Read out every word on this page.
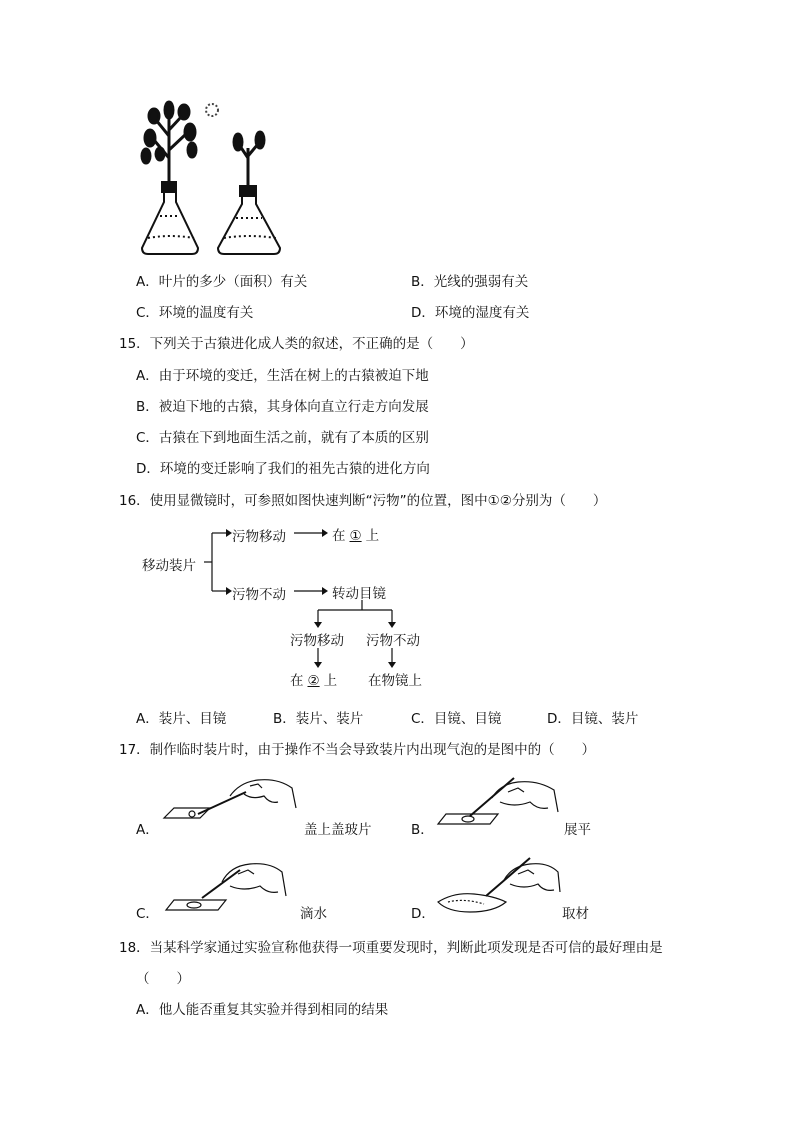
A．叶片的多少（面积）有关	B．光线的强弱有关
C．环境的温度有关	D．环境的湿度有关
15．下列关于古猿进化成人类的叙述，不正确的是（　　）
A．由于环境的变迁，生活在树上的古猿被迫下地
B．被迫下地的古猿，其身体向直立行走方向发展
C．古猿在下到地面生活之前，就有了本质的区别
D．环境的变迁影响了我们的祖先古猿的进化方向
16．使用显微镜时，可参照如图快速判断“污物”的位置，图中①②分别为（　　）
移动装片
污物移动	在 ① 上
污物不动	转动目镜
污物移动 污物不动
在 ② 上 在物镜上
A．装片、目镜	B．装片、装片	C．目镜、目镜	D．目镜、装片
17．制作临时装片时，由于操作不当会导致装片内出现气泡的是图中的（　　）
A．	盖上盖玻片	B．	展平
C．	滴水	D．	取材
18．当某科学家通过实验宣称他获得一项重要发现时，判断此项发现是否可信的最好理由是
（　　）
A．他人能否重复其实验并得到相同的结果
